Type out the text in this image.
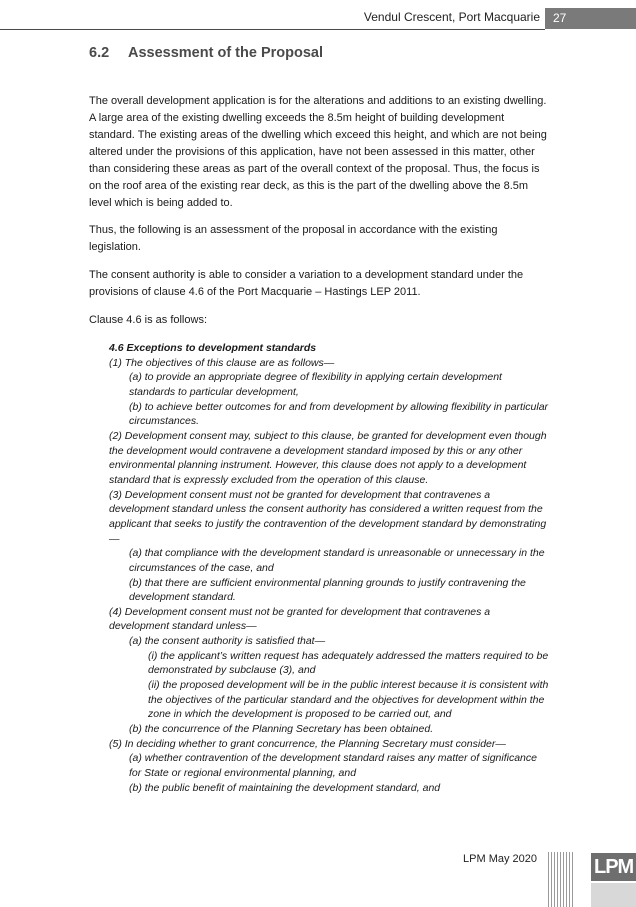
Vendul Crescent, Port Macquarie 27
6.2 Assessment of the Proposal

The overall development application is for the alterations and additions to an existing dwelling. A large area of the existing dwelling exceeds the 8.5m height of building development standard. The existing areas of the dwelling which exceed this height, and which are not being altered under the provisions of this application, have not been assessed in this matter, other than considering these areas as part of the overall context of the proposal. Thus, the focus is on the roof area of the existing rear deck, as this is the part of the dwelling above the 8.5m level which is being added to.

Thus, the following is an assessment of the proposal in accordance with the existing legislation.

The consent authority is able to consider a variation to a development standard under the provisions of clause 4.6 of the Port Macquarie – Hastings LEP 2011.

Clause 4.6 is as follows:

4.6 Exceptions to development standards
(1) The objectives of this clause are as follows—
(a) to provide an appropriate degree of flexibility in applying certain development standards to particular development,
(b) to achieve better outcomes for and from development by allowing flexibility in particular circumstances.
(2) Development consent may, subject to this clause, be granted for development even though the development would contravene a development standard imposed by this or any other environmental planning instrument. However, this clause does not apply to a development standard that is expressly excluded from the operation of this clause.
(3) Development consent must not be granted for development that contravenes a development standard unless the consent authority has considered a written request from the applicant that seeks to justify the contravention of the development standard by demonstrating—
(a) that compliance with the development standard is unreasonable or unnecessary in the circumstances of the case, and
(b) that there are sufficient environmental planning grounds to justify contravening the development standard.
(4) Development consent must not be granted for development that contravenes a development standard unless—
(a) the consent authority is satisfied that—
(i) the applicant’s written request has adequately addressed the matters required to be demonstrated by subclause (3), and
(ii) the proposed development will be in the public interest because it is consistent with the objectives of the particular standard and the objectives for development within the zone in which the development is proposed to be carried out, and
(b) the concurrence of the Planning Secretary has been obtained.
(5) In deciding whether to grant concurrence, the Planning Secretary must consider—
(a) whether contravention of the development standard raises any matter of significance for State or regional environmental planning, and
(b) the public benefit of maintaining the development standard, and
LPM May 2020	LPM
